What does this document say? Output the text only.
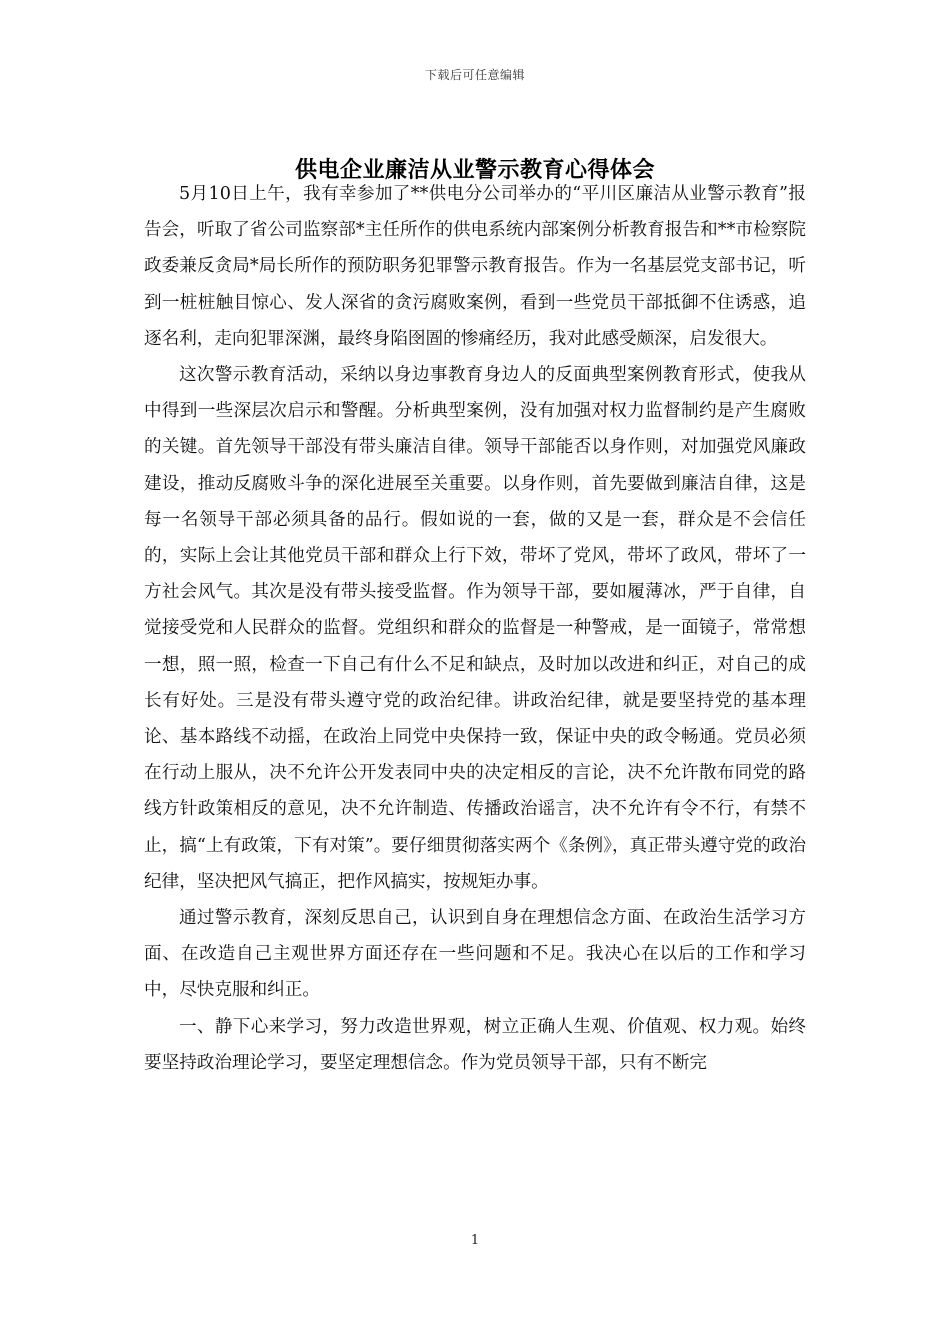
下载后可任意编辑
供电企业廉洁从业警示教育心得体会

5月10日上午，我有幸参加了**供电分公司举办的“平川区廉洁从业警示教育”报告会，听取了省公司监察部*主任所作的供电系统内部案例分析教育报告和**市检察院政委兼反贪局*局长所作的预防职务犯罪警示教育报告。作为一名基层党支部书记，听到一桩桩触目惊心、发人深省的贪污腐败案例，看到一些党员干部抵御不住诱惑，追逐名利，走向犯罪深渊，最终身陷囹圄的惨痛经历，我对此感受颇深，启发很大。

这次警示教育活动，采纳以身边事教育身边人的反面典型案例教育形式，使我从中得到一些深层次启示和警醒。分析典型案例，没有加强对权力监督制约是产生腐败的关键。首先领导干部没有带头廉洁自律。领导干部能否以身作则，对加强党风廉政建设，推动反腐败斗争的深化进展至关重要。以身作则，首先要做到廉洁自律，这是每一名领导干部必须具备的品行。假如说的一套，做的又是一套，群众是不会信任的，实际上会让其他党员干部和群众上行下效，带坏了党风，带坏了政风，带坏了一方社会风气。其次是没有带头接受监督。作为领导干部，要如履薄冰，严于自律，自觉接受党和人民群众的监督。党组织和群众的监督是一种警戒，是一面镜子，常常想一想，照一照，检查一下自己有什么不足和缺点，及时加以改进和纠正，对自己的成长有好处。三是没有带头遵守党的政治纪律。讲政治纪律，就是要坚持党的基本理论、基本路线不动摇，在政治上同党中央保持一致，保证中央的政令畅通。党员必须在行动上服从，决不允许公开发表同中央的决定相反的言论，决不允许散布同党的路线方针政策相反的意见，决不允许制造、传播政治谣言，决不允许有令不行，有禁不止，搞“上有政策，下有对策”。要仔细贯彻落实两个《条例》，真正带头遵守党的政治纪律，坚决把风气搞正，把作风搞实，按规矩办事。

通过警示教育，深刻反思自己，认识到自身在理想信念方面、在政治生活学习方面、在改造自己主观世界方面还存在一些问题和不足。我决心在以后的工作和学习中，尽快克服和纠正。

一、静下心来学习，努力改造世界观，树立正确人生观、价值观、权力观。始终要坚持政治理论学习，要坚定理想信念。作为党员领导干部，只有不断完

1
